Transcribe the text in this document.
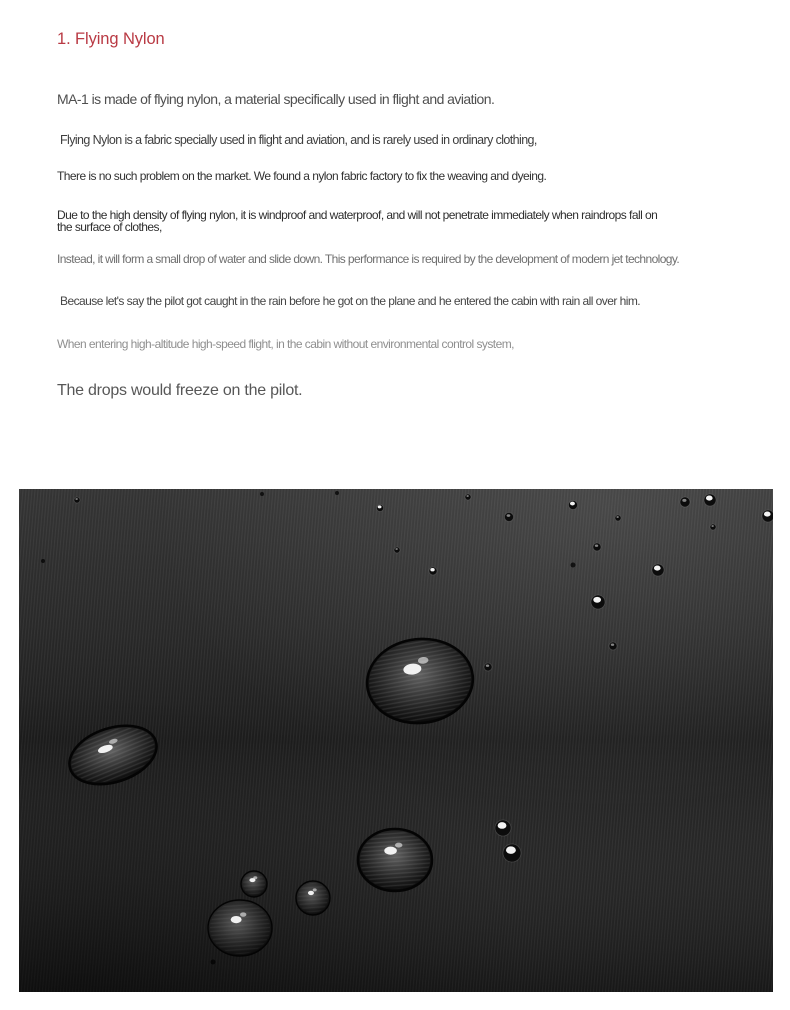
1. Flying Nylon

MA-1 is made of flying nylon, a material specifically used in flight and aviation.

Flying Nylon is a fabric specially used in flight and aviation, and is rarely used in ordinary clothing,

There is no such problem on the market. We found a nylon fabric factory to fix the weaving and dyeing.

Due to the high density of flying nylon, it is windproof and waterproof, and will not penetrate immediately when raindrops fall on
the surface of clothes,

Instead, it will form a small drop of water and slide down. This performance is required by the development of modern jet technology.

Because let's say the pilot got caught in the rain before he got on the plane and he entered the cabin with rain all over him.

When entering high-altitude high-speed flight, in the cabin without environmental control system,

The drops would freeze on the pilot.
